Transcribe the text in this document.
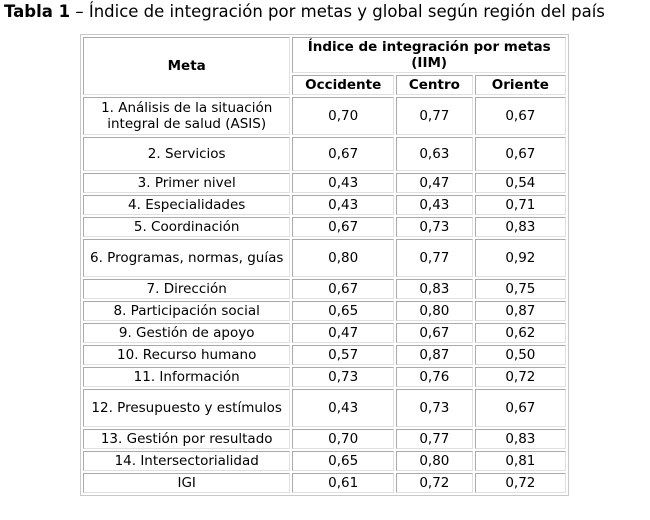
Tabla 1 – Índice de integración por metas y global según región del país
Meta	Índice de integración por metas (IIM)		
	Occidente	Centro	Oriente
1. Análisis de la situación integral de salud (ASIS)	0,70	0,77	0,67
2. Servicios	0,67	0,63	0,67
3. Primer nivel	0,43	0,47	0,54
4. Especialidades	0,43	0,43	0,71
5. Coordinación	0,67	0,73	0,83
6. Programas, normas, guías	0,80	0,77	0,92
7. Dirección	0,67	0,83	0,75
8. Participación social	0,65	0,80	0,87
9. Gestión de apoyo	0,47	0,67	0,62
10. Recurso humano	0,57	0,87	0,50
11. Información	0,73	0,76	0,72
12. Presupuesto y estímulos	0,43	0,73	0,67
13. Gestión por resultado	0,70	0,77	0,83
14. Intersectorialidad	0,65	0,80	0,81
IGI	0,61	0,72	0,72
